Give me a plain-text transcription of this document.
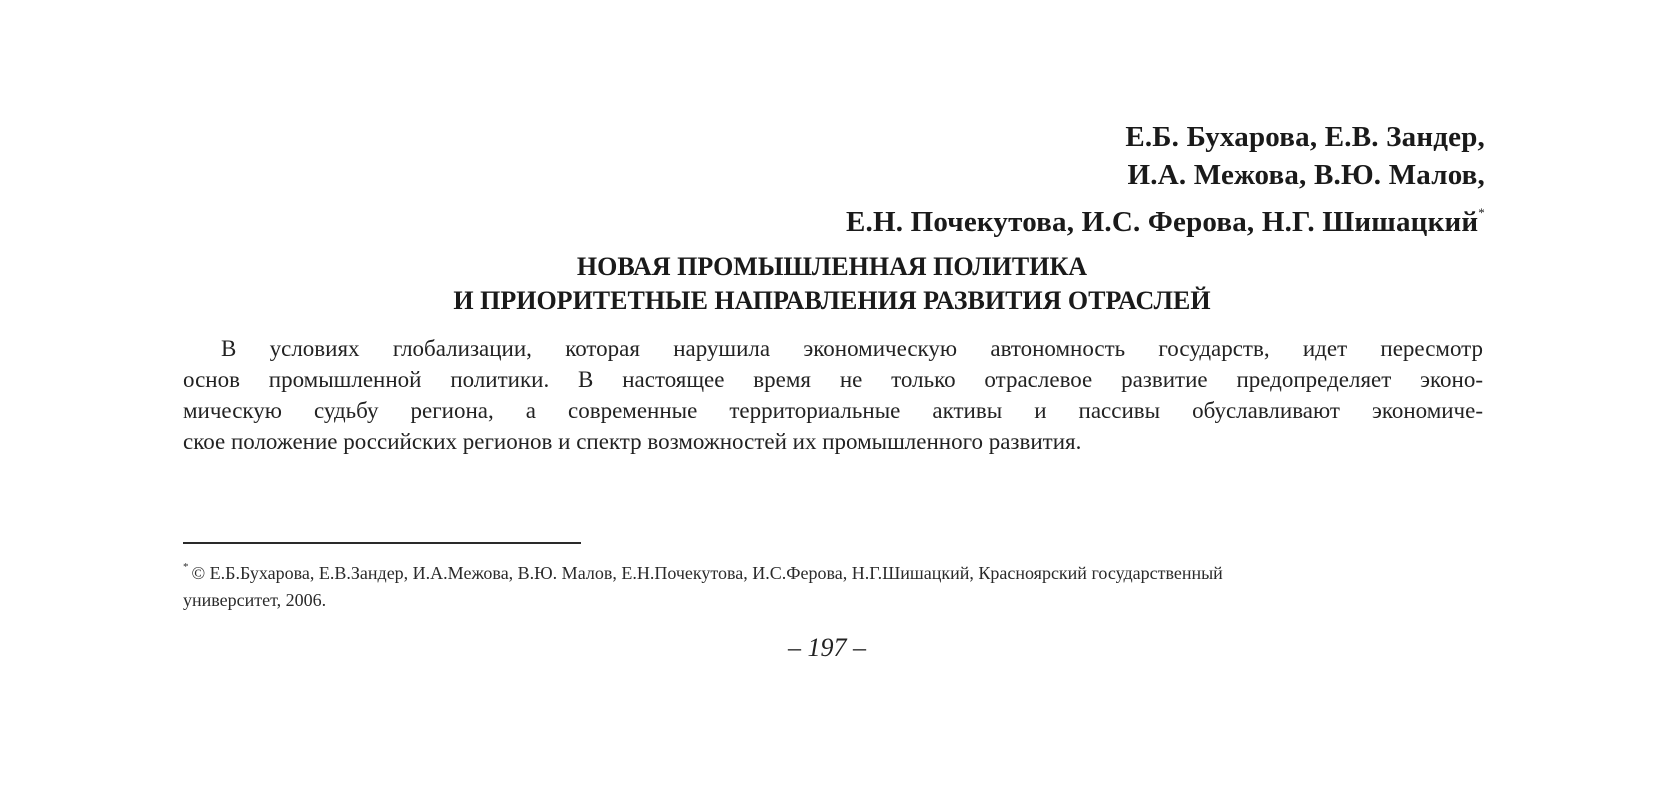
Е.Б. Бухарова, Е.В. Зандер,
И.А. Межова, В.Ю. Малов,
Е.Н. Почекутова, И.С. Ферова, Н.Г. Шишацкий*
НОВАЯ ПРОМЫШЛЕННАЯ ПОЛИТИКА
И ПРИОРИТЕТНЫЕ НАПРАВЛЕНИЯ РАЗВИТИЯ ОТРАСЛЕЙ
В условиях глобализации, которая нарушила экономическую автономность государств, идет пересмотр
основ промышленной политики. В настоящее время не только отраслевое развитие предопределяет эконо-
мическую судьбу региона, а современные территориальные активы и пассивы обуславливают экономиче-
ское положение российских регионов и спектр возможностей их промышленного развития.
* © Е.Б.Бухарова, Е.В.Зандер, И.А.Межова, В.Ю. Малов, Е.Н.Почекутова, И.С.Ферова, Н.Г.Шишацкий, Красноярский государственный
университет, 2006.
– 197 –
